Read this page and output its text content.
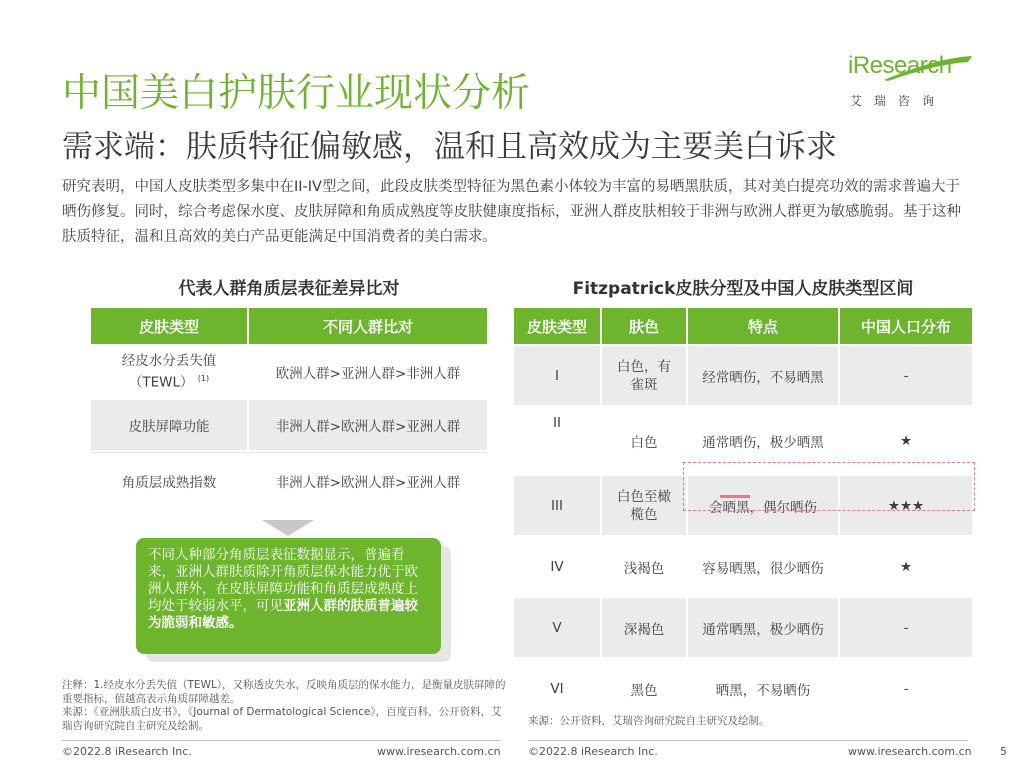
中国美白护肤行业现状分析
需求端：肤质特征偏敏感，温和且高效成为主要美白诉求
研究表明，中国人皮肤类型多集中在II-IV型之间，此段皮肤类型特征为黑色素小体较为丰富的易晒黑肤质，其对美白提亮功效的需求普遍大于晒伤修复。同时，综合考虑保水度、皮肤屏障和角质成熟度等皮肤健康度指标，亚洲人群皮肤相较于非洲与欧洲人群更为敏感脆弱。基于这种肤质特征，温和且高效的美白产品更能满足中国消费者的美白需求。
iResearch
艾瑞咨询
代表人群角质层表征差异比对
皮肤类型	不同人群比对
经皮水分丢失值
（TEWL） $^{(1)}$	欧洲人群>亚洲人群>非洲人群
皮肤屏障功能	非洲人群>欧洲人群>亚洲人群
角质层成熟指数	非洲人群>欧洲人群>亚洲人群
不同人种部分角质层表征数据显示，普遍看来，亚洲人群肤质除开角质层保水能力优于欧洲人群外，在皮肤屏障功能和角质层成熟度上均处于较弱水平，可见亚洲人群的肤质普遍较为脆弱和敏感。
Fitzpatrick皮肤分型及中国人皮肤类型区间
皮肤类型	肤色	特点	中国人口分布
I	白色，有雀斑	经常晒伤，不易晒黑	-
II	白色	通常晒伤，极少晒黑	★
III	白色至橄榄色	会晒黑，偶尔晒伤	★★★
IV	浅褐色	容易晒黑，很少晒伤	★
V	深褐色	通常晒黑，极少晒伤	-
VI	黑色	晒黑，不易晒伤	-
注释：1.经皮水分丢失值（TEWL），又称透皮失水，反映角质层的保水能力，是衡量皮肤屏障的重要指标，值越高表示角质屏障越差。
来源：《亚洲肤质白皮书》，《Journal of Dermatological Science》，百度百科，公开资料，艾瑞咨询研究院自主研究及绘制。	来源：公开资料，艾瑞咨询研究院自主研究及绘制。
©2022.8 iResearch Inc.	www.iresearch.com.cn ©2022.8 iResearch Inc.	www.iresearch.com.cn	5
